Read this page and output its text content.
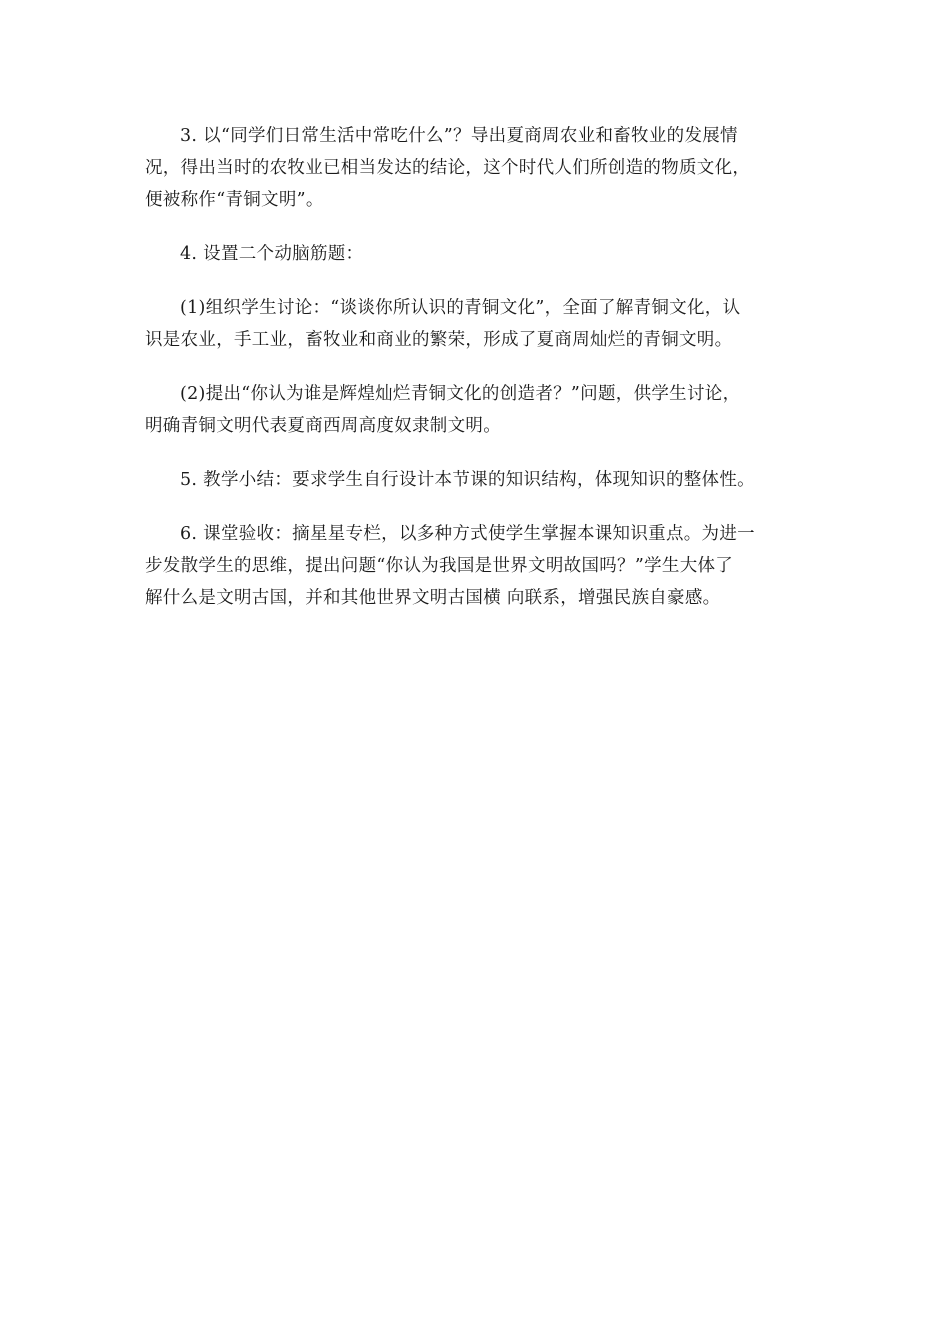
3. 以“同学们日常生活中常吃什么”？导出夏商周农业和畜牧业的发展情
况，得出当时的农牧业已相当发达的结论，这个时代人们所创造的物质文化，
便被称作“青铜文明”。
4. 设置二个动脑筋题：
(1)组织学生讨论：“谈谈你所认识的青铜文化”，全面了解青铜文化，认
识是农业，手工业，畜牧业和商业的繁荣，形成了夏商周灿烂的青铜文明。
(2)提出“你认为谁是辉煌灿烂青铜文化的创造者？”问题，供学生讨论，
明确青铜文明代表夏商西周高度奴隶制文明。
5. 教学小结：要求学生自行设计本节课的知识结构，体现知识的整体性。
6. 课堂验收：摘星星专栏，以多种方式使学生掌握本课知识重点。为进一
步发散学生的思维，提出问题“你认为我国是世界文明故国吗？”学生大体了
解什么是文明古国，并和其他世界文明古国横 向联系，增强民族自豪感。
